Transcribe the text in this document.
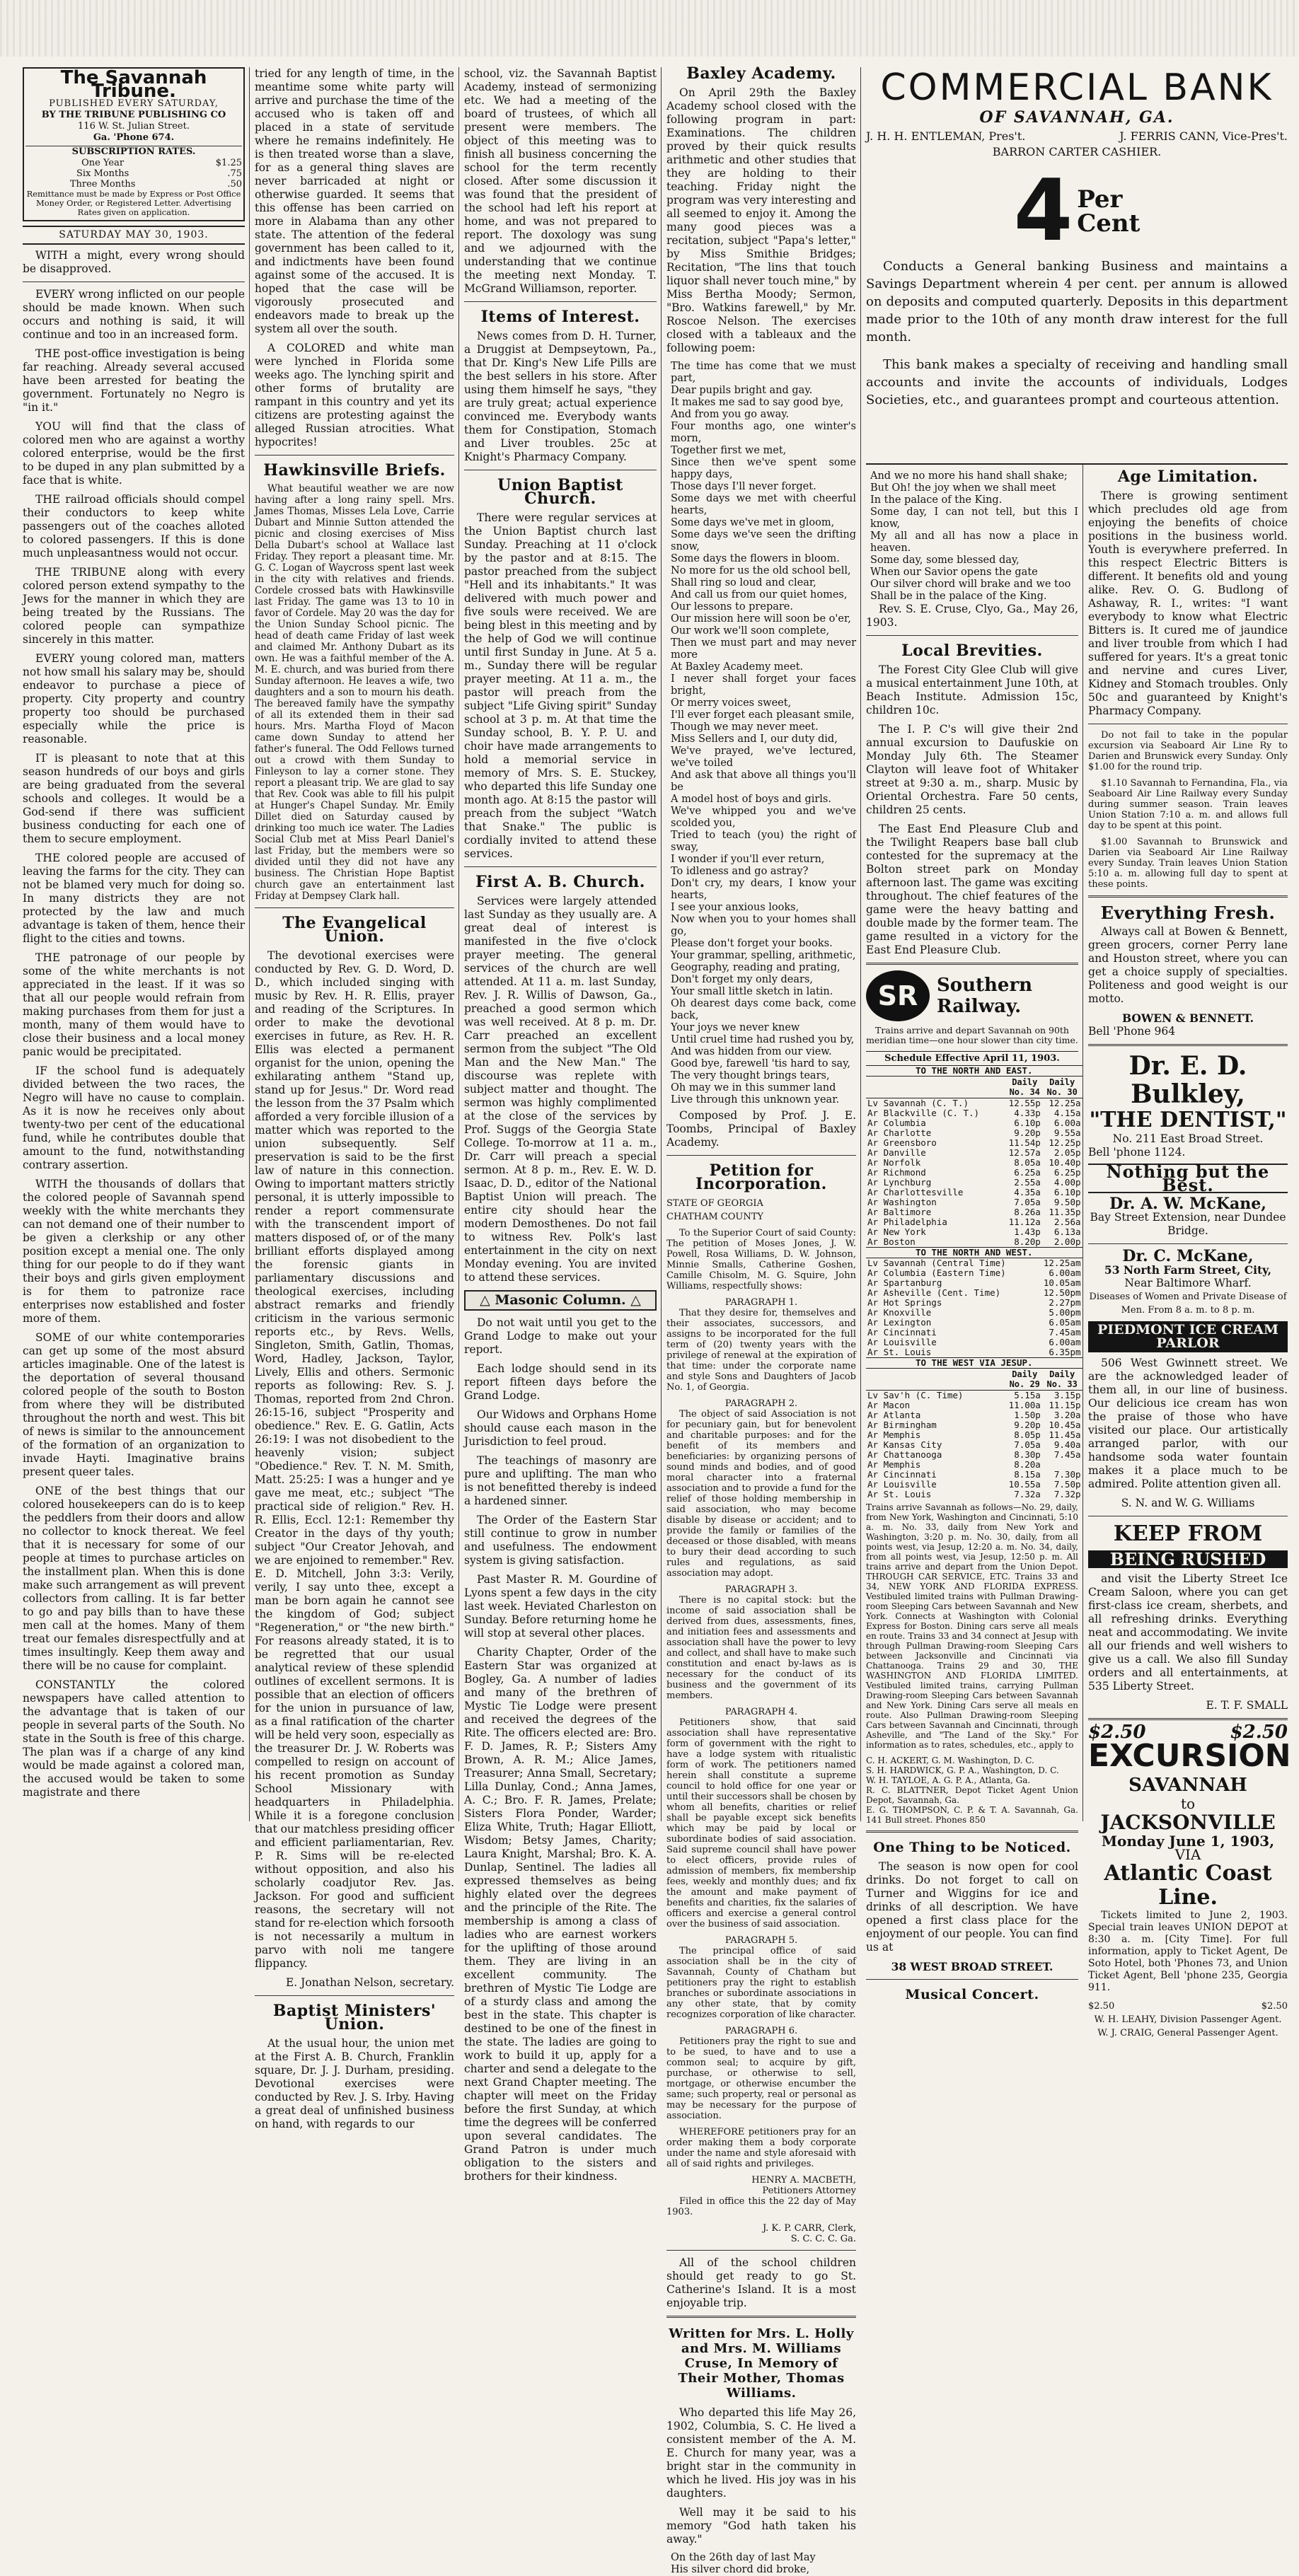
The Savannah Tribune.
PUBLISHED EVERY SATURDAY,
BY THE TRIBUNE PUBLISHING CO
116 W. St. Julian Street.
Ga. 'Phone 674.
SUBSCRIPTION RATES.
One Year	$1.25
Six Months	.75
Three Months	.50
Remittance must be made by Express or Post Office Money Order, or Registered Letter. Advertising Rates given on application.
SATURDAY MAY 30, 1903.

WITH a might, every wrong should be disapproved.

EVERY wrong inflicted on our people should be made known. When such occurs and nothing is said, it will continue and too in an increased form.

THE post-office investigation is being far reaching. Already several accused have been arrested for beating the government. Fortunately no Negro is "in it."

YOU will find that the class of colored men who are against a worthy colored enterprise, would be the first to be duped in any plan submitted by a face that is white.

THE railroad officials should compel their conductors to keep white passengers out of the coaches alloted to colored passengers. If this is done much unpleasantness would not occur.

THE TRIBUNE along with every colored person extend sympathy to the Jews for the manner in which they are being treated by the Russians. The colored people can sympathize sincerely in this matter.

EVERY young colored man, matters not how small his salary may be, should endeavor to purchase a piece of property. City property and country property too should be purchased especially while the price is reasonable.

IT is pleasant to note that at this season hundreds of our boys and girls are being graduated from the several schools and colleges. It would be a God-send if there was sufficient business conducting for each one of them to secure employment.

THE colored people are accused of leaving the farms for the city. They can not be blamed very much for doing so. In many districts they are not protected by the law and much advantage is taken of them, hence their flight to the cities and towns.

THE patronage of our people by some of the white merchants is not appreciated in the least. If it was so that all our people would refrain from making purchases from them for just a month, many of them would have to close their business and a local money panic would be precipitated.

IF the school fund is adequately divided between the two races, the Negro will have no cause to complain. As it is now he receives only about twenty-two per cent of the educational fund, while he contributes double that amount to the fund, notwithstanding contrary assertion.

WITH the thousands of dollars that the colored people of Savannah spend weekly with the white merchants they can not demand one of their number to be given a clerkship or any other position except a menial one. The only thing for our people to do if they want their boys and girls given employment is for them to patronize race enterprises now established and foster more of them.

SOME of our white contemporaries can get up some of the most absurd articles imaginable. One of the latest is the deportation of several thousand colored people of the south to Boston from where they will be distributed throughout the north and west. This bit of news is similar to the announcement of the formation of an organization to invade Hayti. Imaginative brains present queer tales.

ONE of the best things that our colored housekeepers can do is to keep the peddlers from their doors and allow no collector to knock thereat. We feel that it is necessary for some of our people at times to purchase articles on the installment plan. When this is done make such arrangement as will prevent collectors from calling. It is far better to go and pay bills than to have these men call at the homes. Many of them treat our females disrespectfully and at times insultingly. Keep them away and there will be no cause for complaint.

CONSTANTLY the colored newspapers have called attention to the advantage that is taken of our people in several parts of the South. No state in the South is free of this charge. The plan was if a charge of any kind would be made against a colored man, the accused would be taken to some magistrate and there

tried for any length of time, in the meantime some white party will arrive and purchase the time of the accused who is taken off and placed in a state of servitude where he remains indefinitely. He is then treated worse than a slave, for as a general thing slaves are never barricaded at night or otherwise guarded. It seems that this offense has been carried on more in Alabama than any other state. The attention of the federal government has been called to it, and indictments have been found against some of the accused. It is hoped that the case will be vigorously prosecuted and endeavors made to break up the system all over the south.

A COLORED and white man were lynched in Florida some weeks ago. The lynching spirit and other forms of brutality are rampant in this country and yet its citizens are protesting against the alleged Russian atrocities. What hypocrites!

Hawkinsville Briefs.

What beautiful weather we are now having after a long rainy spell. Mrs. James Thomas, Misses Lela Love, Carrie Dubart and Minnie Sutton attended the picnic and closing exercises of Miss Della Dubart's school at Wallace last Friday. They report a pleasant time. Mr. G. C. Logan of Waycross spent last week in the city with relatives and friends. Cordele crossed bats with Hawkinsville last Friday. The game was 13 to 10 in favor of Cordele. May 20 was the day for the Union Sunday School picnic. The head of death came Friday of last week and claimed Mr. Anthony Dubart as its own. He was a faithful member of the A. M. E. church, and was buried from there Sunday afternoon. He leaves a wife, two daughters and a son to mourn his death. The bereaved family have the sympathy of all its extended them in their sad hours. Mrs. Martha Floyd of Macon came down Sunday to attend her father's funeral. The Odd Fellows turned out a crowd with them Sunday to Finleyson to lay a corner stone. They report a pleasant trip. We are glad to say that Rev. Cook was able to fill his pulpit at Hunger's Chapel Sunday. Mr. Emily Dillet died on Saturday caused by drinking too much ice water. The Ladies Social Club met at Miss Pearl Daniel's last Friday, but the members were so divided until they did not have any business. The Christian Hope Baptist church gave an entertainment last Friday at Dempsey Clark hall.

The Evangelical Union.

The devotional exercises were conducted by Rev. G. D. Word, D. D., which included singing with music by Rev. H. R. Ellis, prayer and reading of the Scriptures. In order to make the devotional exercises in future, as Rev. H. R. Ellis was elected a permanent organist for the union, opening the exhilarating anthem "Stand up, stand up for Jesus." Dr. Word read the lesson from the 37 Psalm which afforded a very forcible illusion of a matter which was reported to the union subsequently. Self preservation is said to be the first law of nature in this connection. Owing to important matters strictly personal, it is utterly impossible to render a report commensurate with the transcendent import of matters disposed of, or of the many brilliant efforts displayed among the forensic giants in parliamentary discussions and theological exercises, including abstract remarks and friendly criticism in the various sermonic reports etc., by Revs. Wells, Singleton, Smith, Gatlin, Thomas, Word, Hadley, Jackson, Taylor, Lively, Ellis and others. Sermonic reports as following: Rev. S. J. Thomas, reported from 2nd Chron. 26:15-16, subject "Prosperity and obedience." Rev. E. G. Gatlin, Acts 26:19: I was not disobedient to the heavenly vision; subject "Obedience." Rev. T. N. M. Smith, Matt. 25:25: I was a hunger and ye gave me meat, etc.; subject "The practical side of religion." Rev. H. R. Ellis, Eccl. 12:1: Remember thy Creator in the days of thy youth; subject "Our Creator Jehovah, and we are enjoined to remember." Rev. E. D. Mitchell, John 3:3: Verily, verily, I say unto thee, except a man be born again he cannot see the kingdom of God; subject "Regeneration," or "the new birth." For reasons already stated, it is to be regretted that our usual analytical review of these splendid outlines of excellent sermons. It is possible that an election of officers for the union in pursuance of law, as a final ratification of the charter will be held very soon, especially as the treasurer Dr. J. W. Roberts was compelled to resign on account of his recent promotion as Sunday School Missionary with headquarters in Philadelphia. While it is a foregone conclusion that our matchless presiding officer and efficient parliamentarian, Rev. P. R. Sims will be re-elected without opposition, and also his scholarly coadjutor Rev. Jas. Jackson. For good and sufficient reasons, the secretary will not stand for re-election which forsooth is not necessarily a multum in parvo with noli me tangere flippancy.

E. Jonathan Nelson, secretary.

Baptist Ministers' Union.

At the usual hour, the union met at the First A. B. Church, Franklin square, Dr. J. J. Durham, presiding. Devotional exercises were conducted by Rev. J. S. Irby. Having a great deal of unfinished business on hand, with regards to our

school, viz. the Savannah Baptist Academy, instead of sermonizing etc. We had a meeting of the board of trustees, of which all present were members. The object of this meeting was to finish all business concerning the school for the term recently closed. After some discussion it was found that the president of the school had left his report at home, and was not prepared to report. The doxology was sung and we adjourned with the understanding that we continue the meeting next Monday. T. McGrand Williamson, reporter.

Items of Interest.

News comes from D. H. Turner, a Druggist at Dempseytown, Pa., that Dr. King's New Life Pills are the best sellers in his store. After using them himself he says, "they are truly great; actual experience convinced me. Everybody wants them for Constipation, Stomach and Liver troubles. 25c at Knight's Pharmacy Company.

Union Baptist Church.

There were regular services at the Union Baptist church last Sunday. Preaching at 11 o'clock by the pastor and at 8:15. The pastor preached from the subject "Hell and its inhabitants." It was delivered with much power and five souls were received. We are being blest in this meeting and by the help of God we will continue until first Sunday in June. At 5 a. m., Sunday there will be regular prayer meeting. At 11 a. m., the pastor will preach from the subject "Life Giving spirit" Sunday school at 3 p. m. At that time the Sunday school, B. Y. P. U. and choir have made arrangements to hold a memorial service in memory of Mrs. S. E. Stuckey, who departed this life Sunday one month ago. At 8:15 the pastor will preach from the subject "Watch that Snake." The public is cordially invited to attend these services.

First A. B. Church.

Services were largely attended last Sunday as they usually are. A great deal of interest is manifested in the five o'clock prayer meeting. The general services of the church are well attended. At 11 a. m. last Sunday, Rev. J. R. Willis of Dawson, Ga., preached a good sermon which was well received. At 8 p. m. Dr. Carr preached an excellent sermon from the subject "The Old Man and the New Man." The discourse was replete with subject matter and thought. The sermon was highly complimented at the close of the services by Prof. Suggs of the Georgia State College. To-morrow at 11 a. m., Dr. Carr will preach a special sermon. At 8 p. m., Rev. E. W. D. Isaac, D. D., editor of the National Baptist Union will preach. The entire city should hear the modern Demosthenes. Do not fail to witness Rev. Polk's last entertainment in the city on next Monday evening. You are invited to attend these services.

△ Masonic Column. △

Do not wait until you get to the Grand Lodge to make out your report.

Each lodge should send in its report fifteen days before the Grand Lodge.

Our Widows and Orphans Home should cause each mason in the Jurisdiction to feel proud.

The teachings of masonry are pure and uplifting. The man who is not benefitted thereby is indeed a hardened sinner.

The Order of the Eastern Star still continue to grow in number and usefulness. The endowment system is giving satisfaction.

Past Master R. M. Gourdine of Lyons spent a few days in the city last week. Heviated Charleston on Sunday. Before returning home he will stop at several other places.

Charity Chapter, Order of the Eastern Star was organized at Bogley, Ga. A number of ladies and many of the brethren of Mystic Tie Lodge were present and received the degrees of the Rite. The officers elected are: Bro. F. D. James, R. P.; Sisters Amy Brown, A. R. M.; Alice James, Treasurer; Anna Small, Secretary; Lilla Dunlay, Cond.; Anna James, A. C.; Bro. F. R. James, Prelate; Sisters Flora Ponder, Warder; Eliza White, Truth; Hagar Elliott, Wisdom; Betsy James, Charity; Laura Knight, Marshal; Bro. K. A. Dunlap, Sentinel. The ladies all expressed themselves as being highly elated over the degrees and the principle of the Rite. The membership is among a class of ladies who are earnest workers for the uplifting of those around them. They are living in an excellent community. The brethren of Mystic Tie Lodge are of a sturdy class and among the best in the state. This chapter is destined to be one of the finest in the state. The ladies are going to work to build it up, apply for a charter and send a delegate to the next Grand Chapter meeting. The chapter will meet on the Friday before the first Sunday, at which time the degrees will be conferred upon several candidates. The Grand Patron is under much obligation to the sisters and brothers for their kindness.

Baxley Academy.

On April 29th the Baxley Academy school closed with the following program in part: Examinations. The children proved by their quick results arithmetic and other studies that they are holding to their teaching. Friday night the program was very interesting and all seemed to enjoy it. Among the many good pieces was a recitation, subject "Papa's letter," by Miss Smithie Bridges; Recitation, "The lins that touch liquor shall never touch mine," by Miss Bertha Moody; Sermon, "Bro. Watkins farewell," by Mr. Roscoe Nelson. The exercises closed with a tableaux and the following poem:

The time has come that we must part,
Dear pupils bright and gay.
It makes me sad to say good bye,
And from you go away.
Four months ago, one winter's morn,
Together first we met,
Since then we've spent some happy days,
Those days I'll never forget.
Some days we met with cheerful hearts,
Some days we've met in gloom,
Some days we've seen the drifting snow,
Some days the flowers in bloom.
No more for us the old school bell,
Shall ring so loud and clear,
And call us from our quiet homes,
Our lessons to prepare.
Our mission here will soon be o'er,
Our work we'll soon complete,
Then we must part and may never more
At Baxley Academy meet.
I never shall forget your faces bright,
Or merry voices sweet,
I'll ever forget each pleasant smile,
Though we may never meet.
Miss Sellers and I, our duty did,
We've prayed, we've lectured, we've toiled
And ask that above all things you'll be
A model host of boys and girls.
We've whipped you and we've scolded you,
Tried to teach (you) the right of sway,
I wonder if you'll ever return,
To idleness and go astray?
Don't cry, my dears, I know your hearts,
I see your anxious looks,
Now when you to your homes shall go,
Please don't forget your books.
Your grammar, spelling, arithmetic,
Geography, reading and prating,
Don't forget my only dears,
Your small little sketch in latin.
Oh dearest days come back, come back,
Your joys we never knew
Until cruel time had rushed you by,
And was hidden from our view.
Good bye, farewell 'tis hard to say,
The very thought brings tears,
Oh may we in this summer land
Live through this unknown year.

Composed by Prof. J. E. Toombs, Principal of Baxley Academy.

Petition for Incorporation.
STATE OF GEORGIA
CHATHAM COUNTY

To the Superior Court of said County: The petition of Moses Jones, J. W. Powell, Rosa Williams, D. W. Johnson, Minnie Smalls, Catherine Goshen, Camille Chisolm, M. G. Squire, John Williams, respectfully shows:

PARAGRAPH 1.

That they desire for, themselves and their associates, successors, and assigns to be incorporated for the full term of (20) twenty years with the privilege of renewal at the expiration of that time: under the corporate name and style Sons and Daughters of Jacob No. 1, of Georgia.

PARAGRAPH 2.

The object of said Association is not for pecuniary gain, but for benevolent and charitable purposes: and for the benefit of its members and beneficiaries: by organizing persons of sound minds and bodies, and of good moral character into a fraternal association and to provide a fund for the relief of those holding membership in said association, who may become disable by disease or accident; and to provide the family or families of the deceased or those disabled, with means to bury their dead according to such rules and regulations, as said association may adopt.

PARAGRAPH 3.

There is no capital stock: but the income of said association shall be derived from dues, assessments, fines, and initiation fees and assessments and association shall have the power to levy and collect, and shall have to make such constitution and enact by-laws as is necessary for the conduct of its business and the government of its members.

PARAGRAPH 4.

Petitioners show, that said association shall have representative form of government with the right to have a lodge system with ritualistic form of work. The petitioners named herein shall constitute a supreme council to hold office for one year or until their successors shall be chosen by whom all benefits, charities or relief shall be payable except sick benefits which may be paid by local or subordinate bodies of said association. Said supreme council shall have power to elect officers, provide rules of admission of members, fix membership fees, weekly and monthly dues; and fix the amount and make payment of benefits and charities, fix the salaries of officers and exercise a general control over the business of said association.

PARAGRAPH 5.

The principal office of said association shall be in the city of Savannah, County of Chatham but petitioners pray the right to establish branches or subordinate associations in any other state, that by comity recognizes corporation of like character.

PARAGRAPH 6.

Petitioners pray the right to sue and to be sued, to have and to use a common seal; to acquire by gift, purchase, or otherwise to sell, mortgage, or otherwise encumber the same; such property, real or personal as may be necessary for the purpose of association.

WHEREFORE petitioners pray for an order making them a body corporate under the name and style aforesaid with all of said rights and privileges.

HENRY A. MACBETH,
Petitioners Attorney

Filed in office this the 22 day of May 1903.

J. K. P. CARR, Clerk,
S. C. C. C. Ga.

All of the school children should get ready to go St. Catherine's Island. It is a most enjoyable trip.

Written for Mrs. L. Holly and Mrs. M. Williams Cruse, In Memory of Their Mother, Thomas Williams.

Who departed this life May 26, 1902, Columbia, S. C. He lived a consistent member of the A. M. E. Church for many year, was a bright star in the community in which he lived. His joy was in his daughters.

Well may it be said to his memory "God hath taken his away."

On the 26th day of last May
His silver chord did broke,
COMMERCIAL BANK
OF SAVANNAH, GA.
J. H. H. ENTLEMAN, Pres't.	J. FERRIS CANN, Vice-Pres't.
BARRON CARTER CASHIER.
4 Per
Cent

Conducts a General banking Business and maintains a Savings Department wherein 4 per cent. per annum is allowed on deposits and computed quarterly. Deposits in this department made prior to the 10th of any month draw interest for the full month.

This bank makes a specialty of receiving and handling small accounts and invite the accounts of individuals, Lodges Societies, etc., and guarantees prompt and courteous attention.

And we no more his hand shall shake;
But Oh! the joy when we shall meet
In the palace of the King.
Some day, I can not tell, but this I know,
My all and all has now a place in heaven.
Some day, some blessed day,
When our Savior opens the gate
Our silver chord will brake and we too
Shall be in the palace of the King.

Rev. S. E. Cruse, Clyo, Ga., May 26, 1903.

Local Brevities.

The Forest City Glee Club will give a musical entertainment June 10th, at Beach Institute. Admission 15c, children 10c.

The I. P. C's will give their 2nd annual excursion to Daufuskie on Monday July 6th. The Steamer Clayton will leave foot of Whitaker street at 9:30 a. m., sharp. Music by Oriental Orchestra. Fare 50 cents, children 25 cents.

The East End Pleasure Club and the Twilight Reapers base ball club contested for the supremacy at the Bolton street park on Monday afternoon last. The game was exciting throughout. The chief features of the game were the heavy batting and double made by the former team. The game resulted in a victory for the East End Pleasure Club.

SR	Southern
Railway.

Trains arrive and depart Savannah on 90th meridian time—one hour slower than city time.

Schedule Effective April 11, 1903.
TO THE NORTH AND EAST.		
	Daily No. 34	Daily No. 30
Lv Savannah (C. T.)	12.55p	12.25a
Ar Blackville (C. T.)	4.33p	4.15a
Ar Columbia	6.10p	6.00a
Ar Charlotte	9.20p	9.55a
Ar Greensboro	11.54p	12.25p
Ar Danville	12.57a	2.05p
Ar Norfolk	8.05a	10.40p
Ar Richmond	6.25a	6.25p
Ar Lynchburg	2.55a	4.00p
Ar Charlottesville	4.35a	6.10p
Ar Washington	7.05a	9.50p
Ar Baltimore	8.26a	11.35p
Ar Philadelphia	11.12a	2.56a
Ar New York	1.43p	6.13a
Ar Boston	8.20p	2.00p
TO THE NORTH AND WEST.		
Lv Savannah (Central Time)		12.25am
Ar Columbia (Eastern Time)		6.00am
Ar Spartanburg		10.05am
Ar Asheville (Cent. Time)		12.50pm
Ar Hot Springs		2.27pm
Ar Knoxville		5.00pm
Ar Lexington		6.05am
Ar Cincinnati		7.45am
Ar Louisville		6.00am
Ar St. Louis		6.35pm
TO THE WEST VIA JESUP.		
	Daily No. 29	Daily No. 33
Lv Sav'h (C. Time)	5.15a	3.15p
Ar Macon	11.00a	11.15p
Ar Atlanta	1.50p	3.20a
Ar Birmingham	9.20p	10.45a
Ar Memphis	8.05p	11.45a
Ar Kansas City	7.05a	9.40a
Ar Chattanooga	8.30p	7.45a
Ar Memphis	8.20a	
Ar Cincinnati	8.15a	7.30p
Ar Louisville	10.55a	7.50p
Ar St. Louis	7.32a	7.32p

Trains arrive Savannah as follows—No. 29, daily, from New York, Washington and Cincinnati, 5:10 a. m. No. 33, daily from New York and Washington, 3:20 p. m. No. 30, daily, from all points west, via Jesup, 12:20 a. m. No. 34, daily, from all points west, via Jesup, 12:50 p. m. All trains arrive and depart from the Union Depot. THROUGH CAR SERVICE, ETC. Trains 33 and 34, NEW YORK AND FLORIDA EXPRESS. Vestibuled limited trains with Pullman Drawing-room Sleeping Cars between Savannah and New York. Connects at Washington with Colonial Express for Boston. Dining cars serve all meals en route. Trains 33 and 34 connect at Jesup with through Pullman Drawing-room Sleeping Cars between Jacksonville and Cincinnati via Chattanooga. Trains 29 and 30, THE WASHINGTON AND FLORIDA LIMITED. Vestibuled limited trains, carrying Pullman Drawing-room Sleeping Cars between Savannah and New York. Dining Cars serve all meals en route. Also Pullman Drawing-room Sleeping Cars between Savannah and Cincinnati, through Asheville, and "The Land of the Sky." For information as to rates, schedules, etc., apply to

C. H. ACKERT, G. M. Washington, D. C.
S. H. HARDWICK, G. P. A., Washington, D. C.
W. H. TAYLOE, A. G. P. A., Atlanta, Ga.
R. C. BLATTNER, Depot Ticket Agent Union Depot, Savannah, Ga.
E. G. THOMPSON, C. P. & T. A. Savannah, Ga. 141 Bull street. Phones 850
One Thing to be Noticed.

The season is now open for cool drinks. Do not forget to call on Turner and Wiggins for ice and drinks of all description. We have opened a first class place for the enjoyment of our people. You can find us at

38 WEST BROAD STREET.
Musical Concert.
Age Limitation.

There is growing sentiment which precludes old age from enjoying the benefits of choice positions in the business world. Youth is everywhere preferred. In this respect Electric Bitters is different. It benefits old and young alike. Rev. O. G. Budlong of Ashaway, R. I., writes: "I want everybody to know what Electric Bitters is. It cured me of jaundice and liver trouble from which I had suffered for years. It's a great tonic and nervine and cures Liver, Kidney and Stomach troubles. Only 50c and guaranteed by Knight's Pharmacy Company.

Do not fail to take in the popular excursion via Seaboard Air Line Ry to Darien and Brunswick every Sunday. Only $1.00 for the round trip.

$1.10 Savannah to Fernandina, Fla., via Seaboard Air Line Railway every Sunday during summer season. Train leaves Union Station 7:10 a. m. and allows full day to be spent at this point.

$1.00 Savannah to Brunswick and Darien via Seaboard Air Line Railway every Sunday. Train leaves Union Station 5:10 a. m. allowing full day to spent at these points.

Everything Fresh.

Always call at Bowen & Bennett, green grocers, corner Perry lane and Houston street, where you can get a choice supply of specialties. Politeness and good weight is our motto.

BOWEN & BENNETT.
Bell 'Phone 964
Dr. E. D. Bulkley,
"THE DENTIST,"
No. 211 East Broad Street.
Bell 'phone 1124.
Nothing but the Best.
Dr. A. W. McKane,
Bay Street Extension, near Dundee Bridge.
Dr. C. McKane,
53 North Farm Street, City,
Near Baltimore Wharf.
Diseases of Women and Private Disease of Men. From 8 a. m. to 8 p. m.
PIEDMONT ICE CREAM PARLOR

506 West Gwinnett street. We are the acknowledged leader of them all, in our line of business. Our delicious ice cream has won the praise of those who have visited our place. Our artistically arranged parlor, with our handsome soda water fountain makes it a place much to be admired. Polite attention given all.

S. N. and W. G. Williams
KEEP FROM
BEING RUSHED

and visit the Liberty Street Ice Cream Saloon, where you can get first-class ice cream, sherbets, and all refreshing drinks. Everything neat and accommodating. We invite all our friends and well wishers to give us a call. We also fill Sunday orders and all entertainments, at 535 Liberty Street.

E. T. F. SMALL
$2.50	$2.50
EXCURSION
SAVANNAH
to
JACKSONVILLE
Monday June 1, 1903,
VIA
Atlantic Coast Line.

Tickets limited to June 2, 1903. Special train leaves UNION DEPOT at 8:30 a. m. [City Time]. For full information, apply to Ticket Agent, De Soto Hotel, both 'Phones 73, and Union Ticket Agent, Bell 'phone 235, Georgia 911.

$2.50	$2.50
W. H. LEAHY, Division Passenger Agent.
W. J. CRAIG, General Passenger Agent.
